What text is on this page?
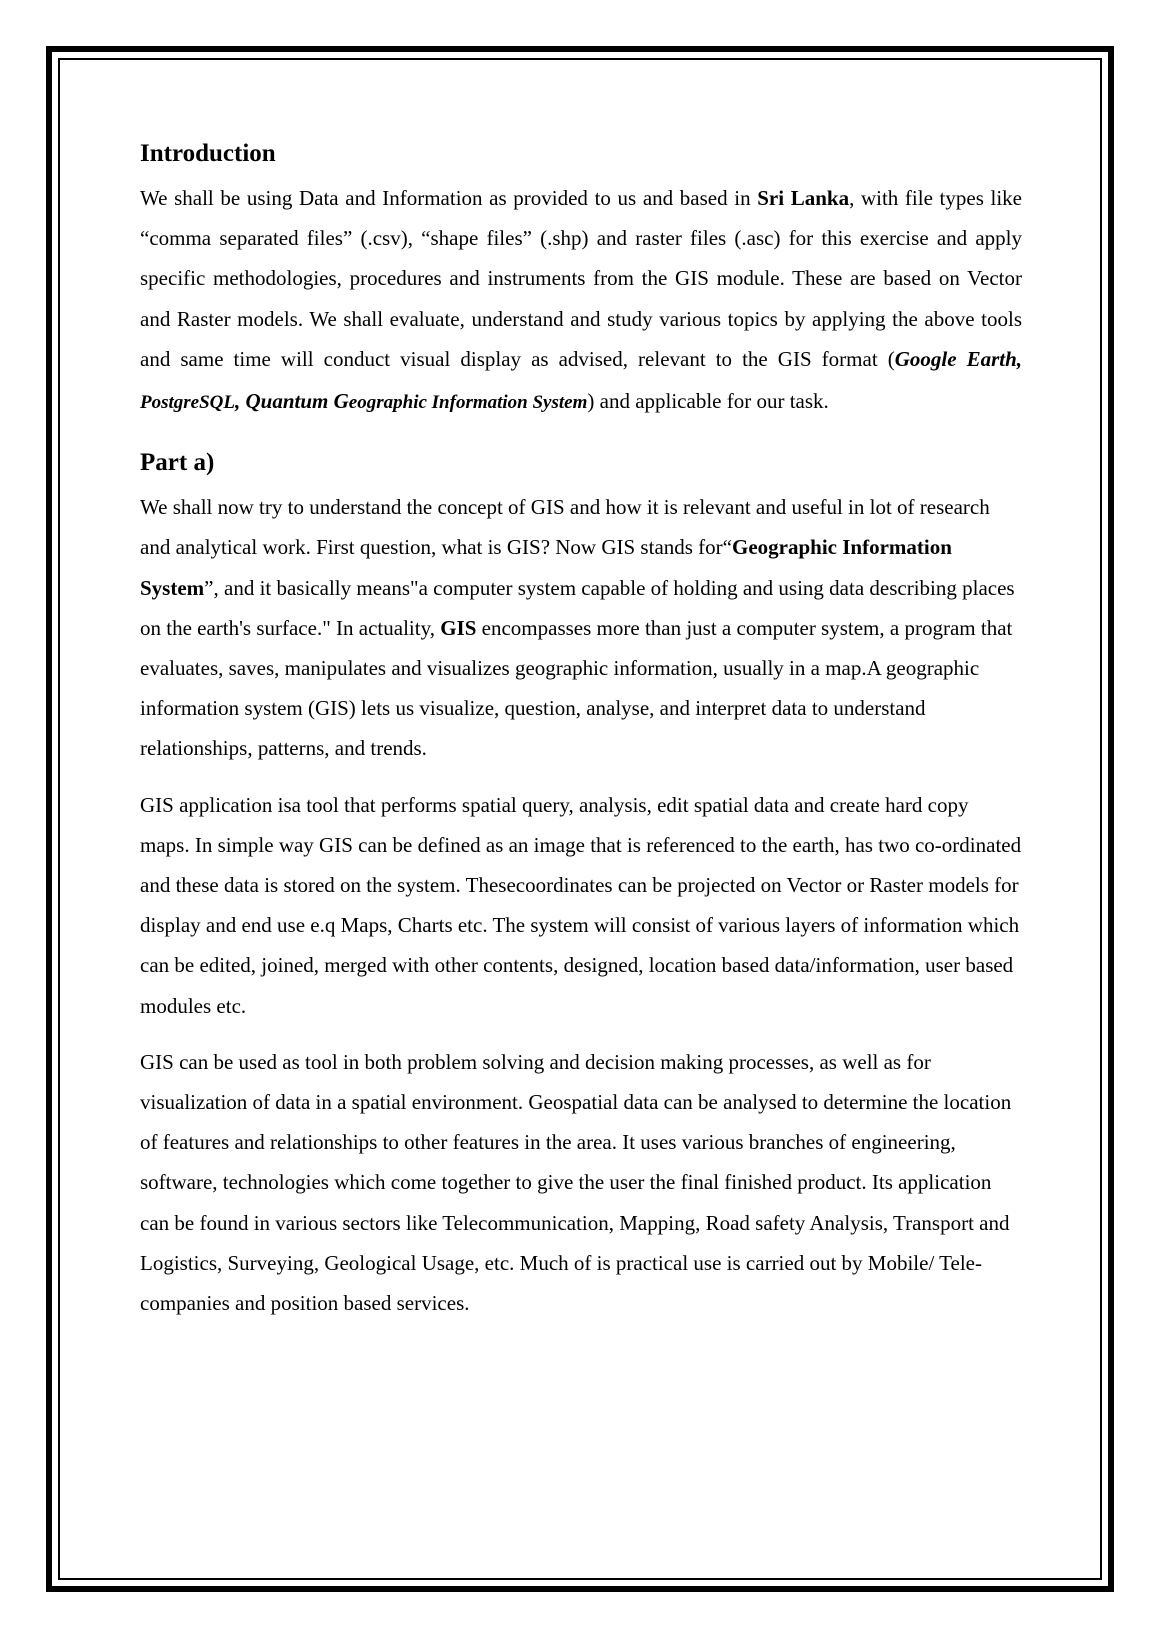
Introduction

We shall be using Data and Information as provided to us and based in Sri Lanka, with file types like “comma separated files” (.csv), “shape files” (.shp) and raster files (.asc) for this exercise and apply specific methodologies, procedures and instruments from the GIS module. These are based on Vector and Raster models. We shall evaluate, understand and study various topics by applying the above tools and same time will conduct visual display as advised, relevant to the GIS format (Google Earth, PostgreSQL, Quantum Geographic Information System) and applicable for our task.

Part a)

We shall now try to understand the concept of GIS and how it is relevant and useful in lot of research and analytical work. First question, what is GIS? Now GIS stands for“Geographic Information System”, and it basically means"a computer system capable of holding and using data describing places on the earth's surface." In actuality, GIS encompasses more than just a computer system, a program that evaluates, saves, manipulates and visualizes geographic information, usually in a map.A geographic information system (GIS) lets us visualize, question, analyse, and interpret data to understand relationships, patterns, and trends.

GIS application isa tool that performs spatial query, analysis, edit spatial data and create hard copy maps. In simple way GIS can be defined as an image that is referenced to the earth, has two co-ordinated and these data is stored on the system. Thesecoordinates can be projected on Vector or Raster models for display and end use e.q Maps, Charts etc. The system will consist of various layers of information which can be edited, joined, merged with other contents, designed, location based data/information, user based modules etc.

GIS can be used as tool in both problem solving and decision making processes, as well as for visualization of data in a spatial environment. Geospatial data can be analysed to determine the location of features and relationships to other features in the area. It uses various branches of engineering, software, technologies which come together to give the user the final finished product. Its application can be found in various sectors like Telecommunication, Mapping, Road safety Analysis, Transport and Logistics, Surveying, Geological Usage, etc. Much of is practical use is carried out by Mobile/ Tele-companies and position based services.
